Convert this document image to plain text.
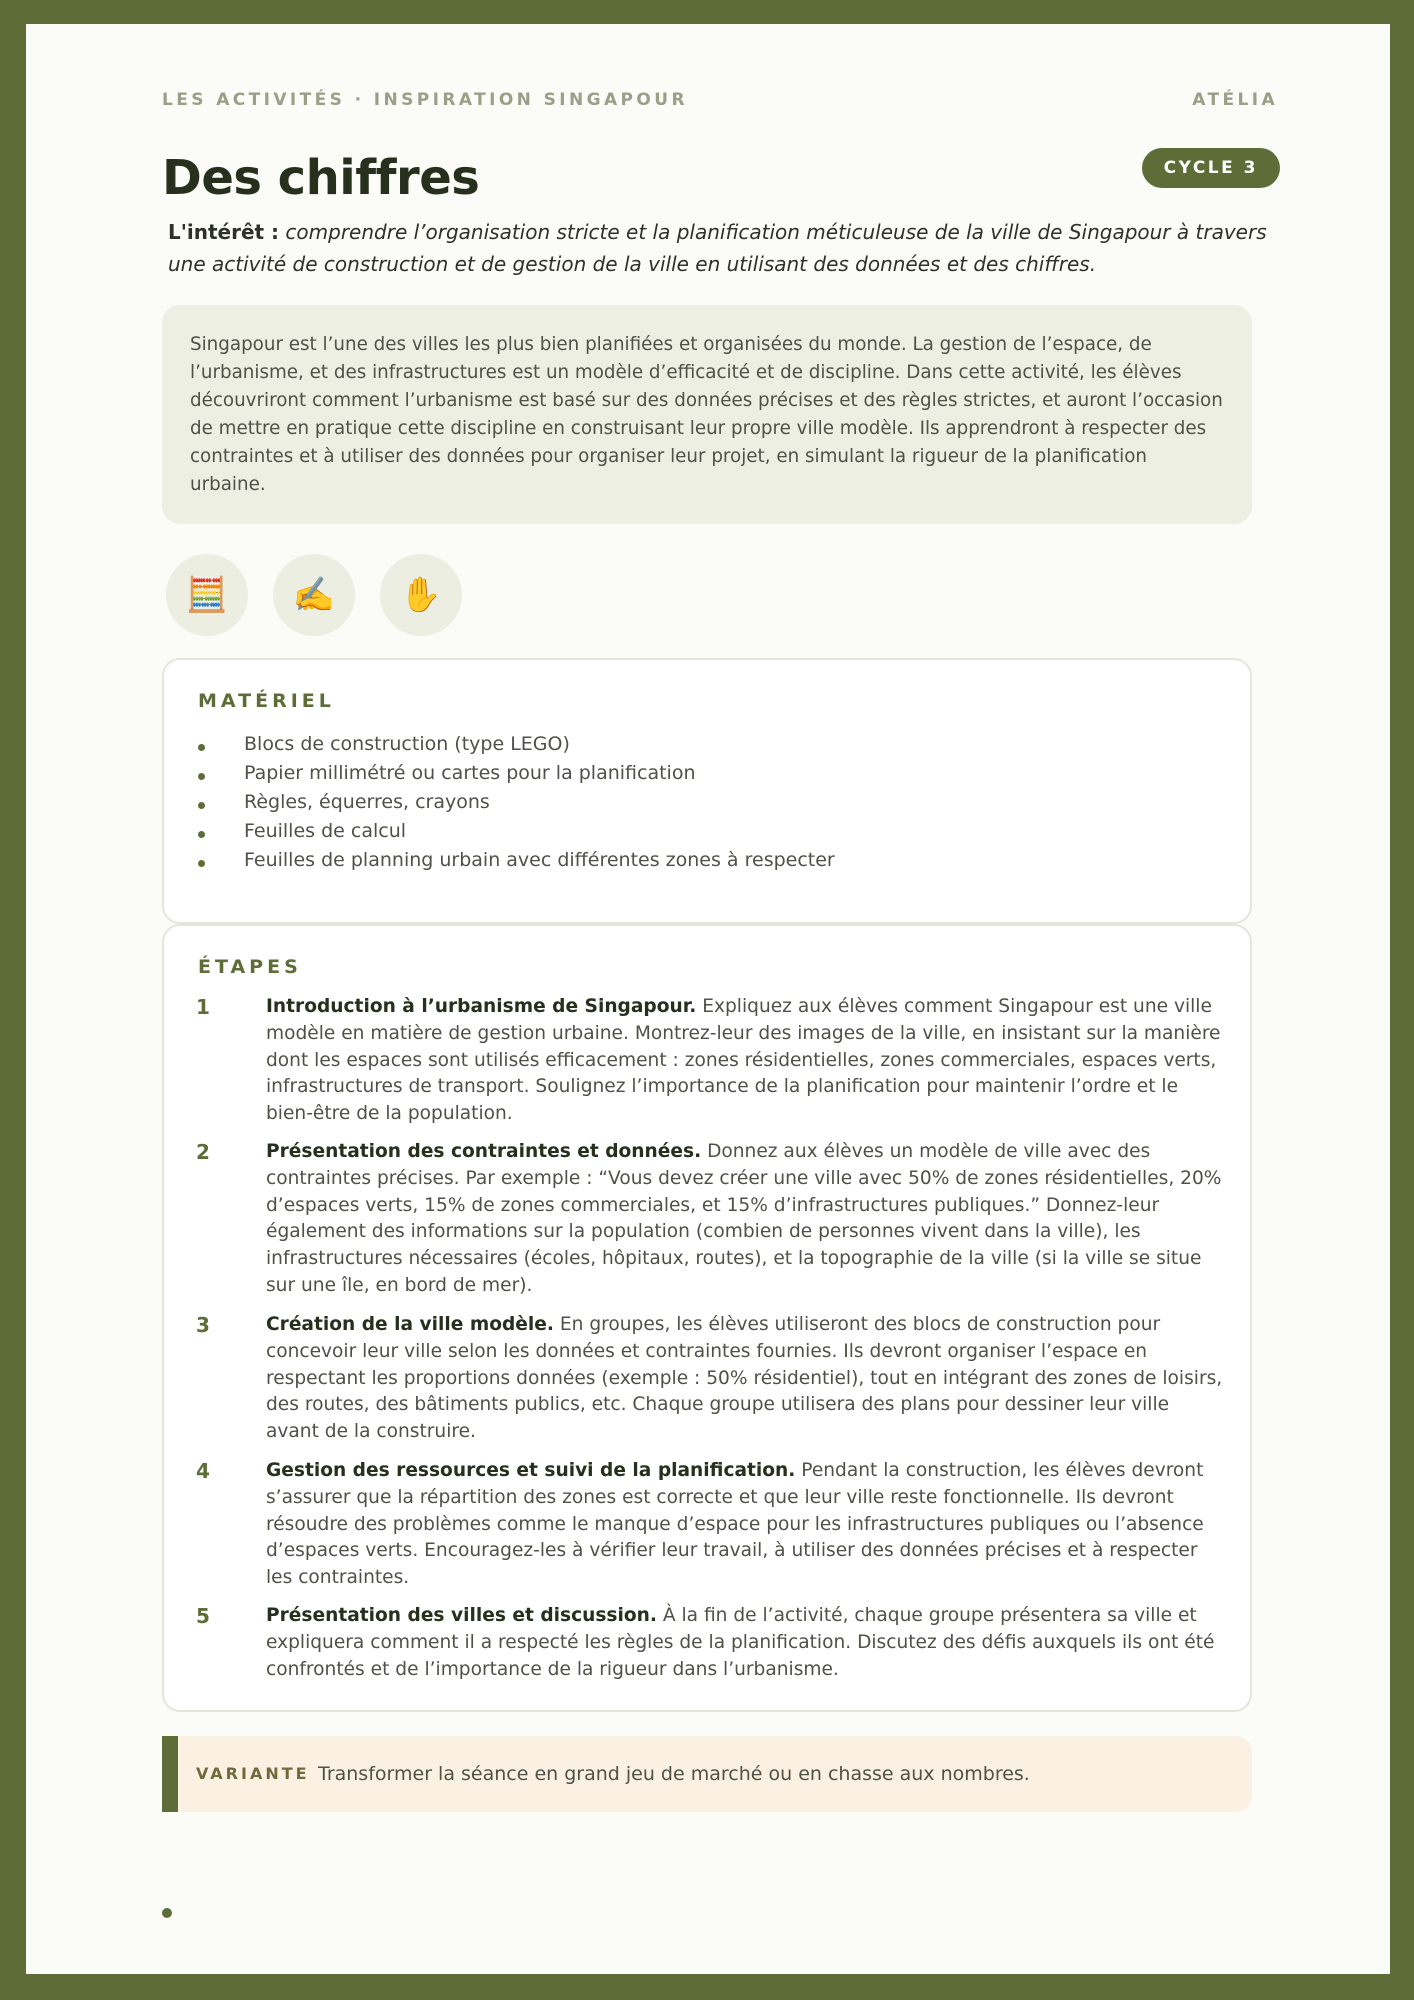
LES ACTIVITÉS · INSPIRATION SINGAPOUR	ATÉLIA
CYCLE 3
Des chiffres
L'intérêt : comprendre l’organisation stricte et la planification méticuleuse de la ville de Singapour à travers une activité de construction et de gestion de la ville en utilisant des données et des chiffres.
Singapour est l’une des villes les plus bien planifiées et organisées du monde. La gestion de l’espace, de l’urbanisme, et des infrastructures est un modèle d’efficacité et de discipline. Dans cette activité, les élèves découvriront comment l’urbanisme est basé sur des données précises et des règles strictes, et auront l’occasion de mettre en pratique cette discipline en construisant leur propre ville modèle. Ils apprendront à respecter des contraintes et à utiliser des données pour organiser leur projet, en simulant la rigueur de la planification urbaine.
🧮	✍️	✋
MATÉRIEL
Blocs de construction (type LEGO)
Papier millimétré ou cartes pour la planification
Règles, équerres, crayons
Feuilles de calcul
Feuilles de planning urbain avec différentes zones à respecter
ÉTAPES
1	Introduction à l’urbanisme de Singapour. Expliquez aux élèves comment Singapour est une ville modèle en matière de gestion urbaine. Montrez-leur des images de la ville, en insistant sur la manière dont les espaces sont utilisés efficacement : zones résidentielles, zones commerciales, espaces verts, infrastructures de transport. Soulignez l’importance de la planification pour maintenir l’ordre et le bien-être de la population.
2	Présentation des contraintes et données. Donnez aux élèves un modèle de ville avec des contraintes précises. Par exemple : “Vous devez créer une ville avec 50% de zones résidentielles, 20% d’espaces verts, 15% de zones commerciales, et 15% d’infrastructures publiques.” Donnez-leur également des informations sur la population (combien de personnes vivent dans la ville), les infrastructures nécessaires (écoles, hôpitaux, routes), et la topographie de la ville (si la ville se situe sur une île, en bord de mer).
3	Création de la ville modèle. En groupes, les élèves utiliseront des blocs de construction pour concevoir leur ville selon les données et contraintes fournies. Ils devront organiser l’espace en respectant les proportions données (exemple : 50% résidentiel), tout en intégrant des zones de loisirs, des routes, des bâtiments publics, etc. Chaque groupe utilisera des plans pour dessiner leur ville avant de la construire.
4	Gestion des ressources et suivi de la planification. Pendant la construction, les élèves devront s’assurer que la répartition des zones est correcte et que leur ville reste fonctionnelle. Ils devront résoudre des problèmes comme le manque d’espace pour les infrastructures publiques ou l’absence d’espaces verts. Encouragez-les à vérifier leur travail, à utiliser des données précises et à respecter les contraintes.
5	Présentation des villes et discussion. À la fin de l’activité, chaque groupe présentera sa ville et expliquera comment il a respecté les règles de la planification. Discutez des défis auxquels ils ont été confrontés et de l’importance de la rigueur dans l’urbanisme.
VARIANTE Transformer la séance en grand jeu de marché ou en chasse aux nombres.
